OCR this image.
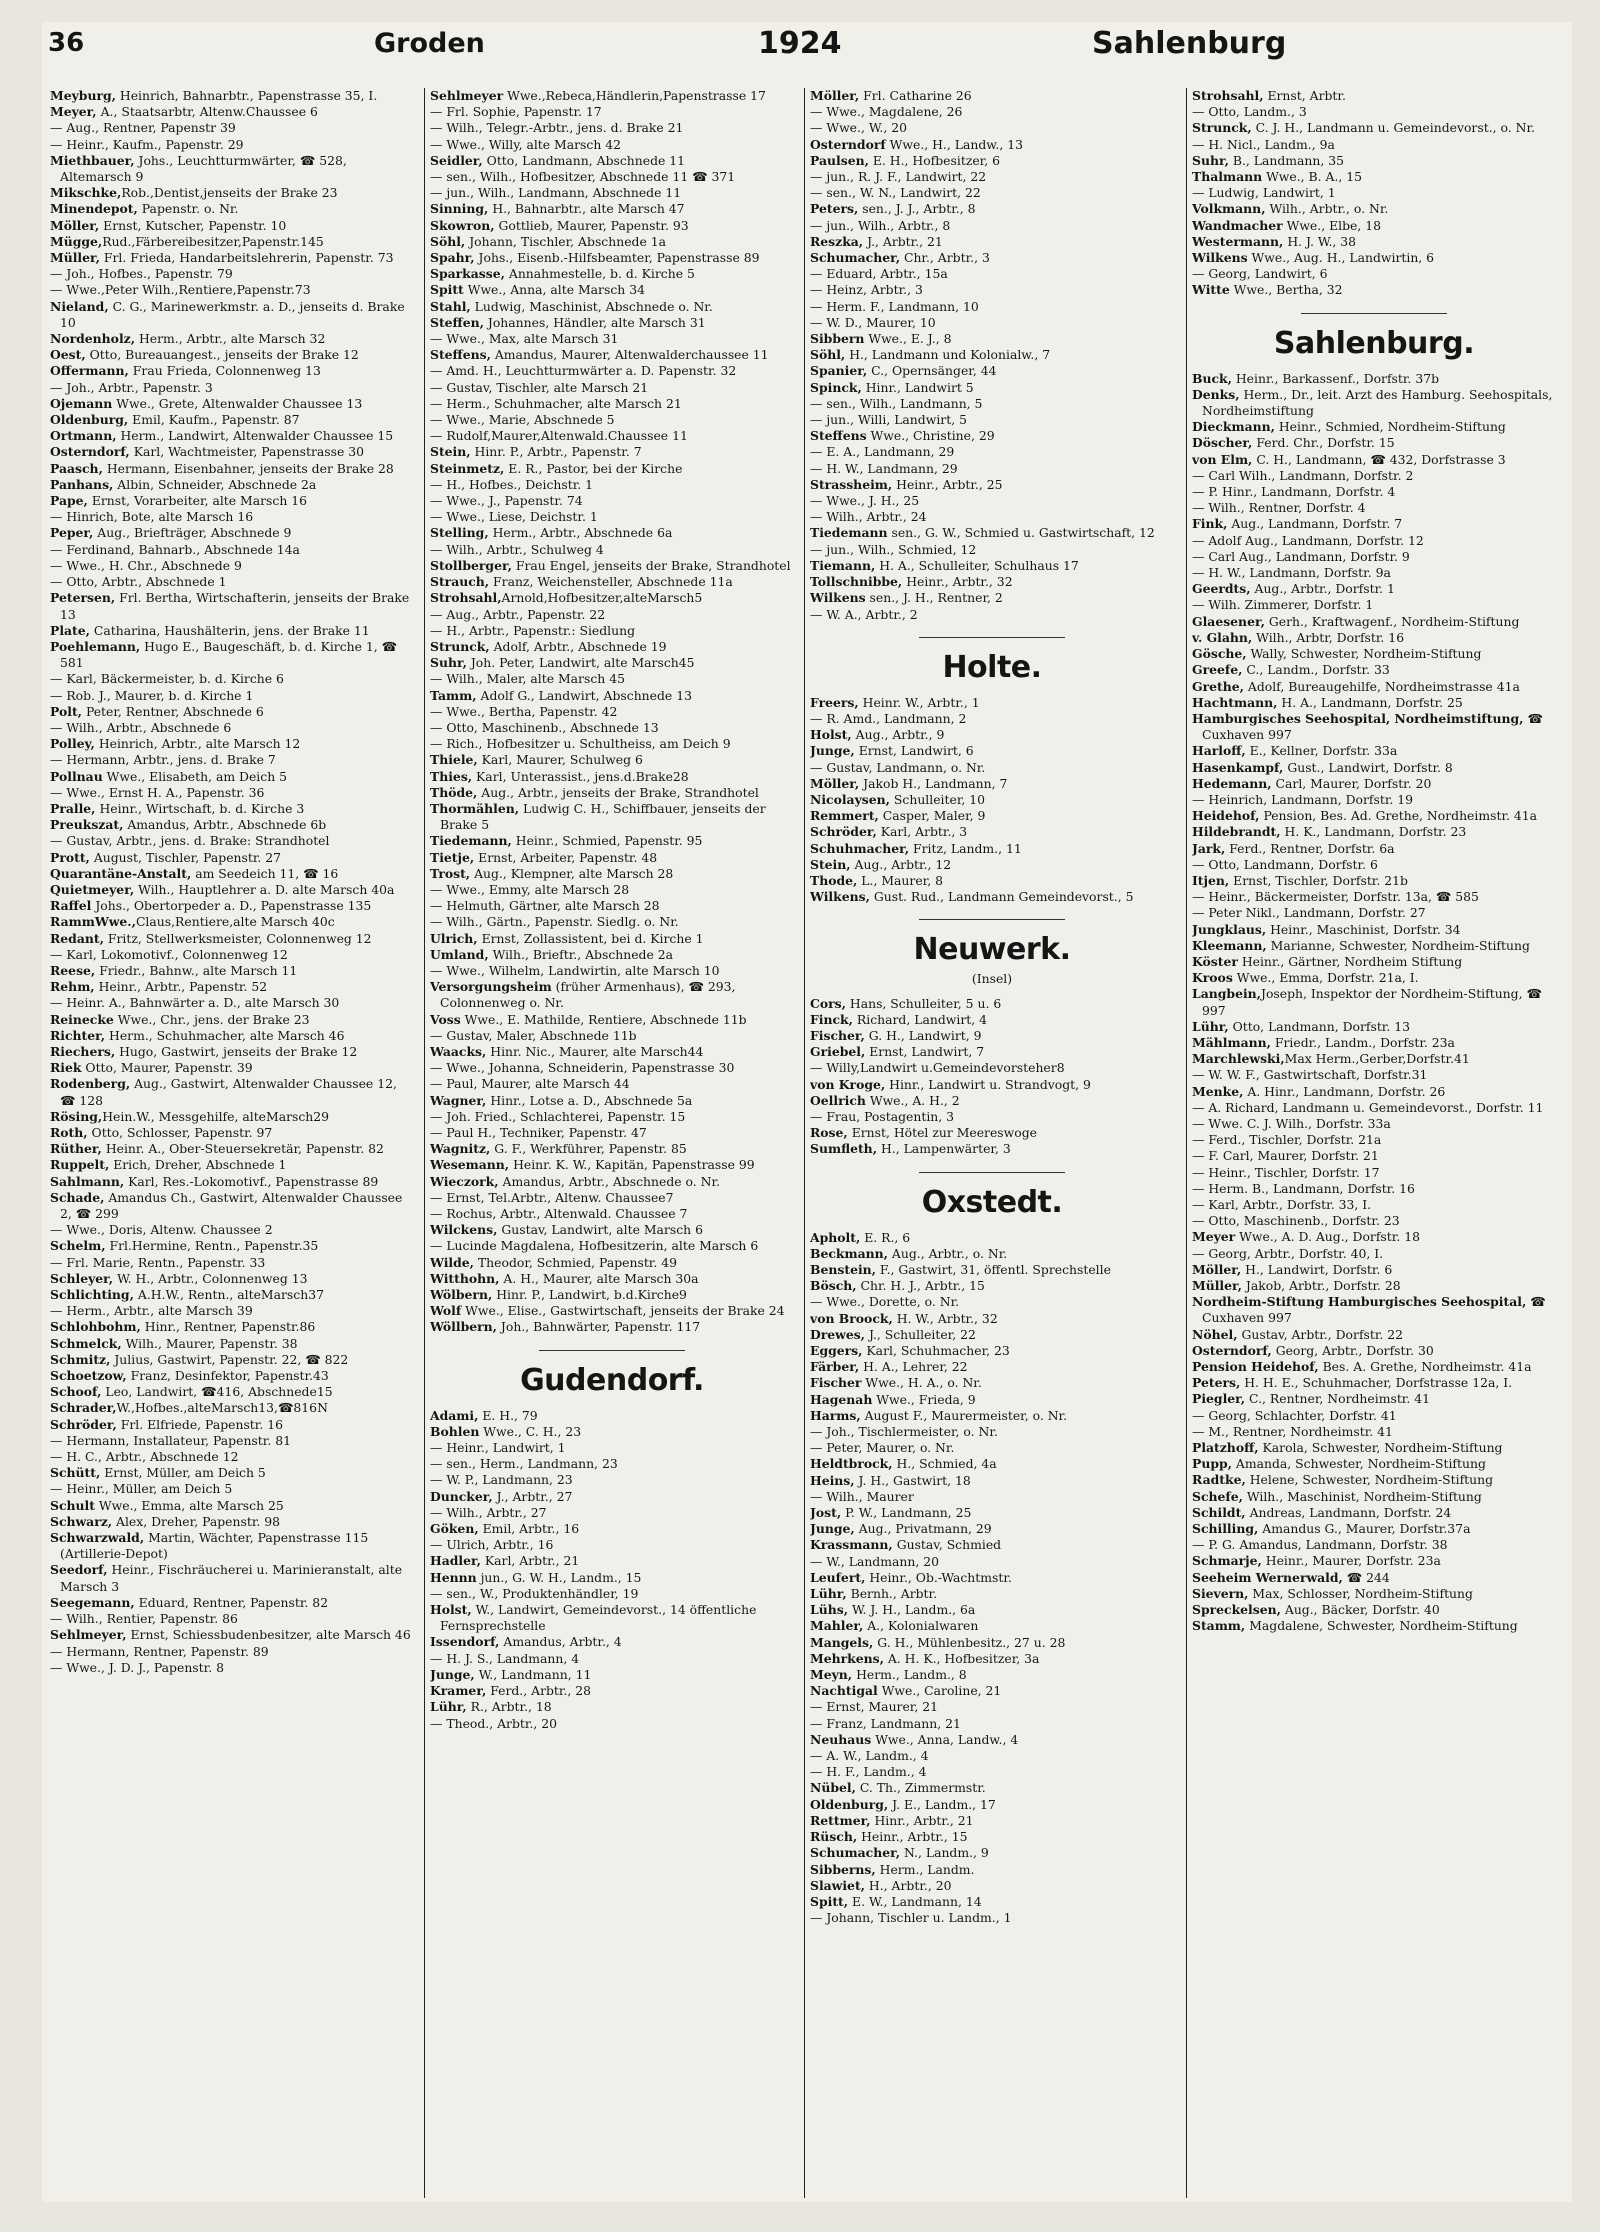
36	Groden	1924	Sahlenburg
Meyburg, Heinrich, Bahnarbtr., Papenstrasse 35, I.
Meyer, A., Staatsarbtr, Altenw.Chaussee 6
— Aug., Rentner, Papenstr 39
— Heinr., Kaufm., Papenstr. 29
Miethbauer, Johs., Leuchtturmwärter, ☎ 528, Altemarsch 9
Mikschke,Rob.,Dentist,jenseits der Brake 23
Minendepot, Papenstr. o. Nr.
Möller, Ernst, Kutscher, Papenstr. 10
Mügge,Rud.,Färbereibesitzer,Papenstr.145
Müller, Frl. Frieda, Handarbeitslehrerin, Papenstr. 73
— Joh., Hofbes., Papenstr. 79
— Wwe.,Peter Wilh.,Rentiere,Papenstr.73
Nieland, C. G., Marinewerkmstr. a. D., jenseits d. Brake 10
Nordenholz, Herm., Arbtr., alte Marsch 32
Oest, Otto, Bureauangest., jenseits der Brake 12
Offermann, Frau Frieda, Colonnenweg 13
— Joh., Arbtr., Papenstr. 3
Ojemann Wwe., Grete, Altenwalder Chaussee 13
Oldenburg, Emil, Kaufm., Papenstr. 87
Ortmann, Herm., Landwirt, Altenwalder Chaussee 15
Osterndorf, Karl, Wachtmeister, Papenstrasse 30
Paasch, Hermann, Eisenbahner, jenseits der Brake 28
Panhans, Albin, Schneider, Abschnede 2a
Pape, Ernst, Vorarbeiter, alte Marsch 16
— Hinrich, Bote, alte Marsch 16
Peper, Aug., Briefträger, Abschnede 9
— Ferdinand, Bahnarb., Abschnede 14a
— Wwe., H. Chr., Abschnede 9
— Otto, Arbtr., Abschnede 1
Petersen, Frl. Bertha, Wirtschafterin, jenseits der Brake 13
Plate, Catharina, Haushälterin, jens. der Brake 11
Poehlemann, Hugo E., Baugeschäft, b. d. Kirche 1, ☎ 581
— Karl, Bäckermeister, b. d. Kirche 6
— Rob. J., Maurer, b. d. Kirche 1
Polt, Peter, Rentner, Abschnede 6
— Wilh., Arbtr., Abschnede 6
Polley, Heinrich, Arbtr., alte Marsch 12
— Hermann, Arbtr., jens. d. Brake 7
Pollnau Wwe., Elisabeth, am Deich 5
— Wwe., Ernst H. A., Papenstr. 36
Pralle, Heinr., Wirtschaft, b. d. Kirche 3
Preukszat, Amandus, Arbtr., Abschnede 6b
— Gustav, Arbtr., jens. d. Brake: Strandhotel
Prott, August, Tischler, Papenstr. 27
Quarantäne-Anstalt, am Seedeich 11, ☎ 16
Quietmeyer, Wilh., Hauptlehrer a. D. alte Marsch 40a
Raffel Johs., Obertorpeder a. D., Papenstrasse 135
RammWwe.,Claus,Rentiere,alte Marsch 40c
Redant, Fritz, Stellwerksmeister, Colonnenweg 12
— Karl, Lokomotivf., Colonnenweg 12
Reese, Friedr., Bahnw., alte Marsch 11
Rehm, Heinr., Arbtr., Papenstr. 52
— Heinr. A., Bahnwärter a. D., alte Marsch 30
Reinecke Wwe., Chr., jens. der Brake 23
Richter, Herm., Schuhmacher, alte Marsch 46
Riechers, Hugo, Gastwirt, jenseits der Brake 12
Riek Otto, Maurer, Papenstr. 39
Rodenberg, Aug., Gastwirt, Altenwalder Chaussee 12, ☎ 128
Rösing,Hein.W., Messgehilfe, alteMarsch29
Roth, Otto, Schlosser, Papenstr. 97
Rüther, Heinr. A., Ober-Steuersekretär, Papenstr. 82
Ruppelt, Erich, Dreher, Abschnede 1
Sahlmann, Karl, Res.-Lokomotivf., Papenstrasse 89
Schade, Amandus Ch., Gastwirt, Altenwalder Chaussee 2, ☎ 299
— Wwe., Doris, Altenw. Chaussee 2
Schelm, Frl.Hermine, Rentn., Papenstr.35
— Frl. Marie, Rentn., Papenstr. 33
Schleyer, W. H., Arbtr., Colonnenweg 13
Schlichting, A.H.W., Rentn., alteMarsch37
— Herm., Arbtr., alte Marsch 39
Schlohbohm, Hinr., Rentner, Papenstr.86
Schmelck, Wilh., Maurer, Papenstr. 38
Schmitz, Julius, Gastwirt, Papenstr. 22, ☎ 822
Schoetzow, Franz, Desinfektor, Papenstr.43
Schoof, Leo, Landwirt, ☎416, Abschnede15
Schrader,W.,Hofbes.,alteMarsch13,☎816N
Schröder, Frl. Elfriede, Papenstr. 16
— Hermann, Installateur, Papenstr. 81
— H. C., Arbtr., Abschnede 12
Schütt, Ernst, Müller, am Deich 5
— Heinr., Müller, am Deich 5
Schult Wwe., Emma, alte Marsch 25
Schwarz, Alex, Dreher, Papenstr. 98
Schwarzwald, Martin, Wächter, Papenstrasse 115 (Artillerie-Depot)
Seedorf, Heinr., Fischräucherei u. Marinieranstalt, alte Marsch 3
Seegemann, Eduard, Rentner, Papenstr. 82
— Wilh., Rentier, Papenstr. 86
Sehlmeyer, Ernst, Schiessbudenbesitzer, alte Marsch 46
— Hermann, Rentner, Papenstr. 89
— Wwe., J. D. J., Papenstr. 8
Sehlmeyer Wwe.,Rebeca,Händlerin,Papenstrasse 17
— Frl. Sophie, Papenstr. 17
— Wilh., Telegr.-Arbtr., jens. d. Brake 21
— Wwe., Willy, alte Marsch 42
Seidler, Otto, Landmann, Abschnede 11
— sen., Wilh., Hofbesitzer, Abschnede 11 ☎ 371
— jun., Wilh., Landmann, Abschnede 11
Sinning, H., Bahnarbtr., alte Marsch 47
Skowron, Gottlieb, Maurer, Papenstr. 93
Söhl, Johann, Tischler, Abschnede 1a
Spahr, Johs., Eisenb.-Hilfsbeamter, Papenstrasse 89
Sparkasse, Annahmestelle, b. d. Kirche 5
Spitt Wwe., Anna, alte Marsch 34
Stahl, Ludwig, Maschinist, Abschnede o. Nr.
Steffen, Johannes, Händler, alte Marsch 31
— Wwe., Max, alte Marsch 31
Steffens, Amandus, Maurer, Altenwalderchaussee 11
— Amd. H., Leuchtturmwärter a. D. Papenstr. 32
— Gustav, Tischler, alte Marsch 21
— Herm., Schuhmacher, alte Marsch 21
— Wwe., Marie, Abschnede 5
— Rudolf,Maurer,Altenwald.Chaussee 11
Stein, Hinr. P., Arbtr., Papenstr. 7
Steinmetz, E. R., Pastor, bei der Kirche
— H., Hofbes., Deichstr. 1
— Wwe., J., Papenstr. 74
— Wwe., Liese, Deichstr. 1
Stelling, Herm., Arbtr., Abschnede 6a
— Wilh., Arbtr., Schulweg 4
Stollberger, Frau Engel, jenseits der Brake, Strandhotel
Strauch, Franz, Weichensteller, Abschnede 11a
Strohsahl,Arnold,Hofbesitzer,alteMarsch5
— Aug., Arbtr., Papenstr. 22
— H., Arbtr., Papenstr.: Siedlung
Strunck, Adolf, Arbtr., Abschnede 19
Suhr, Joh. Peter, Landwirt, alte Marsch45
— Wilh., Maler, alte Marsch 45
Tamm, Adolf G., Landwirt, Abschnede 13
— Wwe., Bertha, Papenstr. 42
— Otto, Maschinenb., Abschnede 13
— Rich., Hofbesitzer u. Schultheiss, am Deich 9
Thiele, Karl, Maurer, Schulweg 6
Thies, Karl, Unterassist., jens.d.Brake28
Thöde, Aug., Arbtr., jenseits der Brake, Strandhotel
Thormählen, Ludwig C. H., Schiffbauer, jenseits der Brake 5
Tiedemann, Heinr., Schmied, Papenstr. 95
Tietje, Ernst, Arbeiter, Papenstr. 48
Trost, Aug., Klempner, alte Marsch 28
— Wwe., Emmy, alte Marsch 28
— Helmuth, Gärtner, alte Marsch 28
— Wilh., Gärtn., Papenstr. Siedlg. o. Nr.
Ulrich, Ernst, Zollassistent, bei d. Kirche 1
Umland, Wilh., Brieftr., Abschnede 2a
— Wwe., Wilhelm, Landwirtin, alte Marsch 10
Versorgungsheim (früher Armenhaus), ☎ 293, Colonnenweg o. Nr.
Voss Wwe., E. Mathilde, Rentiere, Abschnede 11b
— Gustav, Maler, Abschnede 11b
Waacks, Hinr. Nic., Maurer, alte Marsch44
— Wwe., Johanna, Schneiderin, Papenstrasse 30
— Paul, Maurer, alte Marsch 44
Wagner, Hinr., Lotse a. D., Abschnede 5a
— Joh. Fried., Schlachterei, Papenstr. 15
— Paul H., Techniker, Papenstr. 47
Wagnitz, G. F., Werkführer, Papenstr. 85
Wesemann, Heinr. K. W., Kapitän, Papenstrasse 99
Wieczork, Amandus, Arbtr., Abschnede o. Nr.
— Ernst, Tel.Arbtr., Altenw. Chaussee7
— Rochus, Arbtr., Altenwald. Chaussee 7
Wilckens, Gustav, Landwirt, alte Marsch 6
— Lucinde Magdalena, Hofbesitzerin, alte Marsch 6
Wilde, Theodor, Schmied, Papenstr. 49
Witthohn, A. H., Maurer, alte Marsch 30a
Wölbern, Hinr. P., Landwirt, b.d.Kirche9
Wolf Wwe., Elise., Gastwirtschaft, jenseits der Brake 24
Wöllbern, Joh., Bahnwärter, Papenstr. 117
Gudendorf.
Adami, E. H., 79
Bohlen Wwe., C. H., 23
— Heinr., Landwirt, 1
— sen., Herm., Landmann, 23
— W. P., Landmann, 23
Duncker, J., Arbtr., 27
— Wilh., Arbtr., 27
Göken, Emil, Arbtr., 16
— Ulrich, Arbtr., 16
Hadler, Karl, Arbtr., 21
Hennn jun., G. W. H., Landm., 15
— sen., W., Produktenhändler, 19
Holst, W., Landwirt, Gemeindevorst., 14 öffentliche Fernsprechstelle
Issendorf, Amandus, Arbtr., 4
— H. J. S., Landmann, 4
Junge, W., Landmann, 11
Kramer, Ferd., Arbtr., 28
Lühr, R., Arbtr., 18
— Theod., Arbtr., 20
Möller, Frl. Catharine 26
— Wwe., Magdalene, 26
— Wwe., W., 20
Osterndorf Wwe., H., Landw., 13
Paulsen, E. H., Hofbesitzer, 6
— jun., R. J. F., Landwirt, 22
— sen., W. N., Landwirt, 22
Peters, sen., J. J., Arbtr., 8
— jun., Wilh., Arbtr., 8
Reszka, J., Arbtr., 21
Schumacher, Chr., Arbtr., 3
— Eduard, Arbtr., 15a
— Heinz, Arbtr., 3
— Herm. F., Landmann, 10
— W. D., Maurer, 10
Sibbern Wwe., E. J., 8
Söhl, H., Landmann und Kolonialw., 7
Spanier, C., Opernsänger, 44
Spinck, Hinr., Landwirt 5
— sen., Wilh., Landmann, 5
— jun., Willi, Landwirt, 5
Steffens Wwe., Christine, 29
— E. A., Landmann, 29
— H. W., Landmann, 29
Strassheim, Heinr., Arbtr., 25
— Wwe., J. H., 25
— Wilh., Arbtr., 24
Tiedemann sen., G. W., Schmied u. Gastwirtschaft, 12
— jun., Wilh., Schmied, 12
Tiemann, H. A., Schulleiter, Schulhaus 17
Tollschnibbe, Heinr., Arbtr., 32
Wilkens sen., J. H., Rentner, 2
— W. A., Arbtr., 2
Holte.
Freers, Heinr. W., Arbtr., 1
— R. Amd., Landmann, 2
Holst, Aug., Arbtr., 9
Junge, Ernst, Landwirt, 6
— Gustav, Landmann, o. Nr.
Möller, Jakob H., Landmann, 7
Nicolaysen, Schulleiter, 10
Remmert, Casper, Maler, 9
Schröder, Karl, Arbtr., 3
Schuhmacher, Fritz, Landm., 11
Stein, Aug., Arbtr., 12
Thode, L., Maurer, 8
Wilkens, Gust. Rud., Landmann Gemeindevorst., 5
Neuwerk.
(Insel)
Cors, Hans, Schulleiter, 5 u. 6
Finck, Richard, Landwirt, 4
Fischer, G. H., Landwirt, 9
Griebel, Ernst, Landwirt, 7
— Willy,Landwirt u.Gemeindevorsteher8
von Kroge, Hinr., Landwirt u. Strandvogt, 9
Oellrich Wwe., A. H., 2
— Frau, Postagentin, 3
Rose, Ernst, Hötel zur Meereswoge
Sumfleth, H., Lampenwärter, 3
Oxstedt.
Apholt, E. R., 6
Beckmann, Aug., Arbtr., o. Nr.
Benstein, F., Gastwirt, 31, öffentl. Sprechstelle
Bösch, Chr. H. J., Arbtr., 15
— Wwe., Dorette, o. Nr.
von Broock, H. W., Arbtr., 32
Drewes, J., Schulleiter, 22
Eggers, Karl, Schuhmacher, 23
Färber, H. A., Lehrer, 22
Fischer Wwe., H. A., o. Nr.
Hagenah Wwe., Frieda, 9
Harms, August F., Maurermeister, o. Nr.
— Joh., Tischlermeister, o. Nr.
— Peter, Maurer, o. Nr.
Heldtbrock, H., Schmied, 4a
Heins, J. H., Gastwirt, 18
— Wilh., Maurer
Jost, P. W., Landmann, 25
Junge, Aug., Privatmann, 29
Krassmann, Gustav, Schmied
— W., Landmann, 20
Leufert, Heinr., Ob.-Wachtmstr.
Lühr, Bernh., Arbtr.
Lühs, W. J. H., Landm., 6a
Mahler, A., Kolonialwaren
Mangels, G. H., Mühlenbesitz., 27 u. 28
Mehrkens, A. H. K., Hofbesitzer, 3a
Meyn, Herm., Landm., 8
Nachtigal Wwe., Caroline, 21
— Ernst, Maurer, 21
— Franz, Landmann, 21
Neuhaus Wwe., Anna, Landw., 4
— A. W., Landm., 4
— H. F., Landm., 4
Nübel, C. Th., Zimmermstr.
Oldenburg, J. E., Landm., 17
Rettmer, Hinr., Arbtr., 21
Rüsch, Heinr., Arbtr., 15
Schumacher, N., Landm., 9
Sibberns, Herm., Landm.
Slawiet, H., Arbtr., 20
Spitt, E. W., Landmann, 14
— Johann, Tischler u. Landm., 1
Strohsahl, Ernst, Arbtr.
— Otto, Landm., 3
Strunck, C. J. H., Landmann u. Gemeindevorst., o. Nr.
— H. Nicl., Landm., 9a
Suhr, B., Landmann, 35
Thalmann Wwe., B. A., 15
— Ludwig, Landwirt, 1
Volkmann, Wilh., Arbtr., o. Nr.
Wandmacher Wwe., Elbe, 18
Westermann, H. J. W., 38
Wilkens Wwe., Aug. H., Landwirtin, 6
— Georg, Landwirt, 6
Witte Wwe., Bertha, 32
Sahlenburg.
Buck, Heinr., Barkassenf., Dorfstr. 37b
Denks, Herm., Dr., leit. Arzt des Hamburg. Seehospitals, Nordheimstiftung
Dieckmann, Heinr., Schmied, Nordheim-Stiftung
Döscher, Ferd. Chr., Dorfstr. 15
von Elm, C. H., Landmann, ☎ 432, Dorfstrasse 3
— Carl Wilh., Landmann, Dorfstr. 2
— P. Hinr., Landmann, Dorfstr. 4
— Wilh., Rentner, Dorfstr. 4
Fink, Aug., Landmann, Dorfstr. 7
— Adolf Aug., Landmann, Dorfstr. 12
— Carl Aug., Landmann, Dorfstr. 9
— H. W., Landmann, Dorfstr. 9a
Geerdts, Aug., Arbtr., Dorfstr. 1
— Wilh. Zimmerer, Dorfstr. 1
Glaesener, Gerh., Kraftwagenf., Nordheim-Stiftung
v. Glahn, Wilh., Arbtr, Dorfstr. 16
Gösche, Wally, Schwester, Nordheim-Stiftung
Greefe, C., Landm., Dorfstr. 33
Grethe, Adolf, Bureaugehilfe, Nordheimstrasse 41a
Hachtmann, H. A., Landmann, Dorfstr. 25
Hamburgisches Seehospital, Nordheimstiftung, ☎ Cuxhaven 997
Harloff, E., Kellner, Dorfstr. 33a
Hasenkampf, Gust., Landwirt, Dorfstr. 8
Hedemann, Carl, Maurer, Dorfstr. 20
— Heinrich, Landmann, Dorfstr. 19
Heidehof, Pension, Bes. Ad. Grethe, Nordheimstr. 41a
Hildebrandt, H. K., Landmann, Dorfstr. 23
Jark, Ferd., Rentner, Dorfstr. 6a
— Otto, Landmann, Dorfstr. 6
Itjen, Ernst, Tischler, Dorfstr. 21b
— Heinr., Bäckermeister, Dorfstr. 13a, ☎ 585
— Peter Nikl., Landmann, Dorfstr. 27
Jungklaus, Heinr., Maschinist, Dorfstr. 34
Kleemann, Marianne, Schwester, Nordheim-Stiftung
Köster Heinr., Gärtner, Nordheim Stiftung
Kroos Wwe., Emma, Dorfstr. 21a, I.
Langbein,Joseph, Inspektor der Nordheim-Stiftung, ☎ 997
Lühr, Otto, Landmann, Dorfstr. 13
Mählmann, Friedr., Landm., Dorfstr. 23a
Marchlewski,Max Herm.,Gerber,Dorfstr.41
— W. W. F., Gastwirtschaft, Dorfstr.31
Menke, A. Hinr., Landmann, Dorfstr. 26
— A. Richard, Landmann u. Gemeindevorst., Dorfstr. 11
— Wwe. C. J. Wilh., Dorfstr. 33a
— Ferd., Tischler, Dorfstr. 21a
— F. Carl, Maurer, Dorfstr. 21
— Heinr., Tischler, Dorfstr. 17
— Herm. B., Landmann, Dorfstr. 16
— Karl, Arbtr., Dorfstr. 33, I.
— Otto, Maschinenb., Dorfstr. 23
Meyer Wwe., A. D. Aug., Dorfstr. 18
— Georg, Arbtr., Dorfstr. 40, I.
Möller, H., Landwirt, Dorfstr. 6
Müller, Jakob, Arbtr., Dorfstr. 28
Nordheim-Stiftung Hamburgisches Seehospital, ☎ Cuxhaven 997
Nöhel, Gustav, Arbtr., Dorfstr. 22
Osterndorf, Georg, Arbtr., Dorfstr. 30
Pension Heidehof, Bes. A. Grethe, Nordheimstr. 41a
Peters, H. H. E., Schuhmacher, Dorfstrasse 12a, I.
Piegler, C., Rentner, Nordheimstr. 41
— Georg, Schlachter, Dorfstr. 41
— M., Rentner, Nordheimstr. 41
Platzhoff, Karola, Schwester, Nordheim-Stiftung
Pupp, Amanda, Schwester, Nordheim-Stiftung
Radtke, Helene, Schwester, Nordheim-Stiftung
Schefe, Wilh., Maschinist, Nordheim-Stiftung
Schildt, Andreas, Landmann, Dorfstr. 24
Schilling, Amandus G., Maurer, Dorfstr.37a
— P. G. Amandus, Landmann, Dorfstr. 38
Schmarje, Heinr., Maurer, Dorfstr. 23a
Seeheim Wernerwald, ☎ 244
Sievern, Max, Schlosser, Nordheim-Stiftung
Spreckelsen, Aug., Bäcker, Dorfstr. 40
Stamm, Magdalene, Schwester, Nordheim-Stiftung
